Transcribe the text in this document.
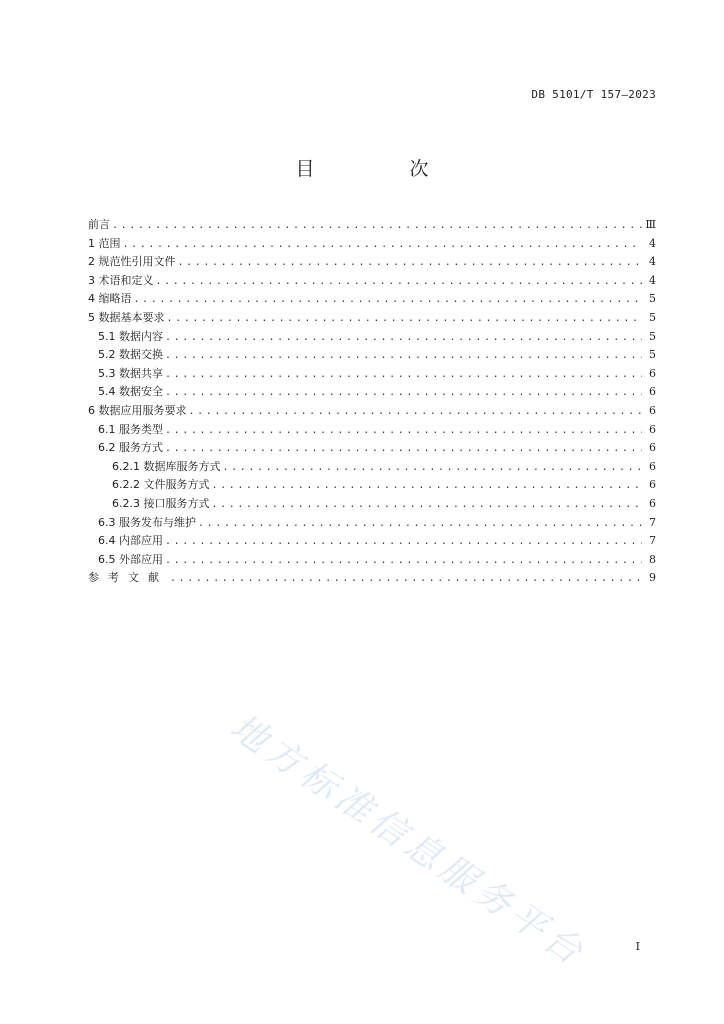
DB 5101/T 157—2023
目　次
前言 .....	Ⅲ
1 范围 .....	4
2 规范性引用文件 .....	4
3 术语和定义 .....	4
4 缩略语 .....	5
5 数据基本要求 .....	5
5.1 数据内容 .....	5
5.2 数据交换 .....	5
5.3 数据共享 .....	6
5.4 数据安全 .....	6
6 数据应用服务要求 .....	6
6.1 服务类型 .....	6
6.2 服务方式 .....	6
6.2.1 数据库服务方式 .....	6
6.2.2 文件服务方式 .....	6
6.2.3 接口服务方式 .....	6
6.3 服务发布与维护 .....	7
6.4 内部应用 .....	7
6.5 外部应用 .....	8
参考文献 .....	9
地方标准信息服务平台	I
